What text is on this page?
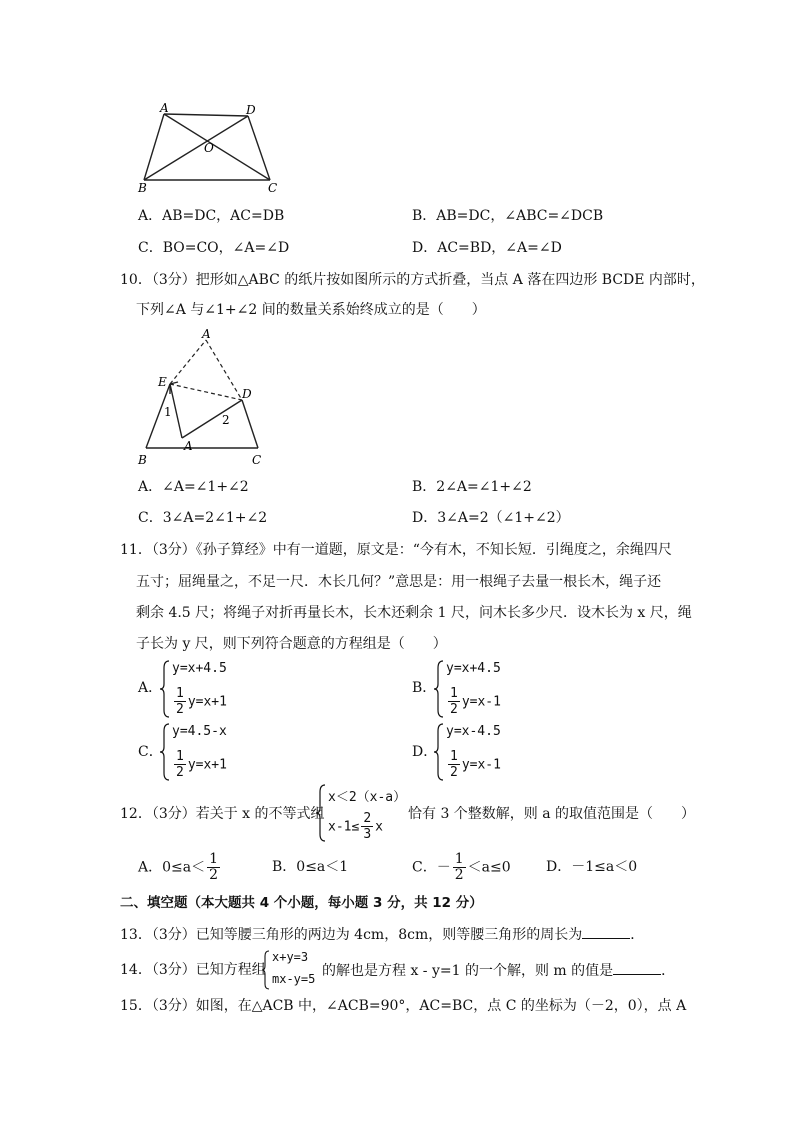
A	D
O
B	C
A．AB=DC，AC=DB	B．AB=DC，∠ABC=∠DCB
C．BO=CO，∠A=∠D	D．AC=BD，∠A=∠D
10．（3分）把形如△ABC 的纸片按如图所示的方式折叠，当点 A 落在四边形 BCDE 内部时，
下列∠A 与∠1+∠2 间的数量关系始终成立的是（　　）
A
E
D
1
2
A
B	C
A．∠A=∠1+∠2	B．2∠A=∠1+∠2
C．3∠A=2∠1+∠2	D．3∠A=2（∠1+∠2）
11．（3分）《孙子算经》中有一道题，原文是：“今有木，不知长短．引绳度之，余绳四尺
五寸；屈绳量之，不足一尺．木长几何？”意思是：用一根绳子去量一根长木，绳子还
剩余 4.5 尺；将绳子对折再量长木，长木还剩余 1 尺，问木长多少尺．设木长为 x 尺，绳
子长为 y 尺，则下列符合题意的方程组是（　　）
A．
y=x+4.5
$\frac{1}{2} y=x+1$
B．
y=x+4.5
$\frac{1}{2} y=x-1$
C．
y=4.5-x
$\frac{1}{2} y=x+1$
D．
y=x-4.5
$\frac{1}{2} y=x-1$
12．（3分）若关于 x 的不等式组
x＜2（x-a）
$x-1\le \frac{2}{3}$ x
恰有 3 个整数解，则 a 的取值范围是（　　）
A．$0\le a< \frac{1}{2}$	B．0≤a＜1	C．－ $\frac{1}{2} <a\le 0$	D．－1≤a＜0
二、填空题（本大题共 4 个小题，每小题 3 分，共 12 分）
13．（3分）已知等腰三角形的两边为 4cm，8cm，则等腰三角形的周长为	．
14．（3分）已知方程组
x+y=3
mx-y=5 的解也是方程 x - y=1 的一个解，则 m 的值是	．
15．（3分）如图，在△ACB 中，∠ACB=90°，AC=BC，点 C 的坐标为（－2，0），点 A
